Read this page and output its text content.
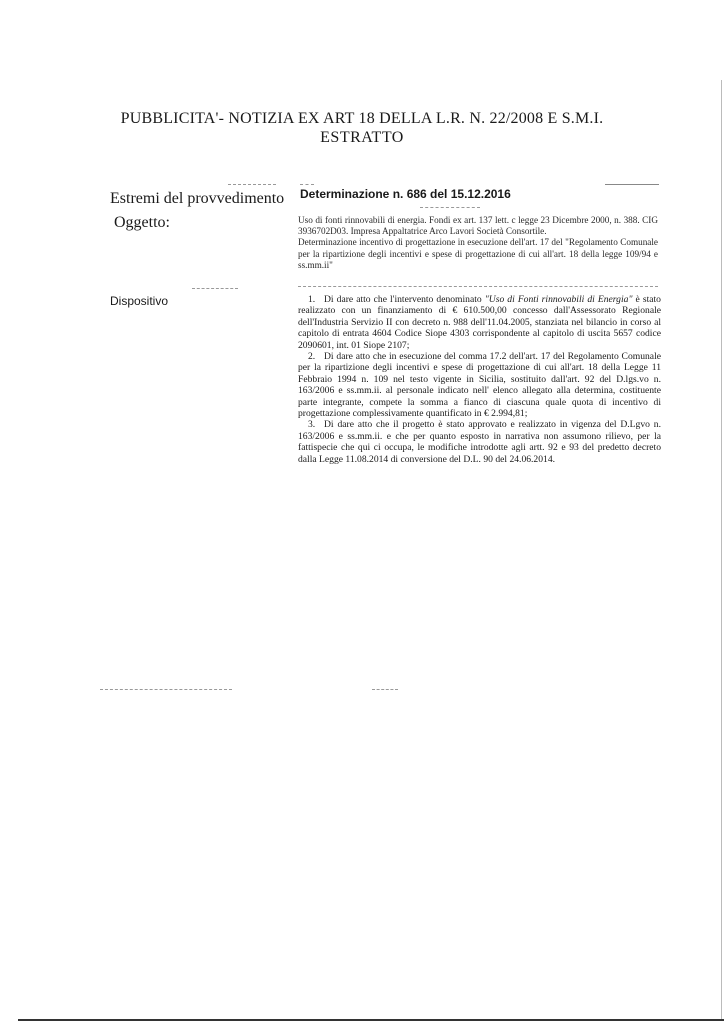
PUBBLICITA'- NOTIZIA EX ART 18 DELLA L.R. N. 22/2008 E S.M.I.
ESTRATTO
Estremi del provvedimento Determinazione n. 686 del 15.12.2016
Oggetto:	Uso di fonti rinnovabili di energia. Fondi ex art. 137 lett. c legge 23 Dicembre 2000, n. 388. CIG 3936702D03. Impresa Appaltatrice Arco Lavori Società Consortile.

Determinazione incentivo di progettazione in esecuzione dell'art. 17 del "Regolamento Comunale per la ripartizione degli incentivi e spese di progettazione di cui all'art. 18 della legge 109/94 e ss.mm.ii"

Dispositivo	1. Di dare atto che l'intervento denominato "Uso di Fonti rinnovabili di Energia" è stato realizzato con un finanziamento di € 610.500,00 concesso dall'Assessorato Regionale dell'Industria Servizio II con decreto n. 988 dell'11.04.2005, stanziata nel bilancio in corso al capitolo di entrata 4604 Codice Siope 4303 corrispondente al capitolo di uscita 5657 codice 2090601, int. 01 Siope 2107;

2. Di dare atto che in esecuzione del comma 17.2 dell'art. 17 del Regolamento Comunale per la ripartizione degli incentivi e spese di progettazione di cui all'art. 18 della Legge 11 Febbraio 1994 n. 109 nel testo vigente in Sicilia, sostituito dall'art. 92 del D.lgs.vo n. 163/2006 e ss.mm.ii. al personale indicato nell' elenco allegato alla determina, costituente parte integrante, compete la somma a fianco di ciascuna quale quota di incentivo di progettazione complessivamente quantificato in € 2.994,81;

3. Di dare atto che il progetto è stato approvato e realizzato in vigenza del D.Lgvo n. 163/2006 e ss.mm.ii. e che per quanto esposto in narrativa non assumono rilievo, per la fattispecie che qui ci occupa, le modifiche introdotte agli artt. 92 e 93 del predetto decreto dalla Legge 11.08.2014 di conversione del D.L. 90 del 24.06.2014.
